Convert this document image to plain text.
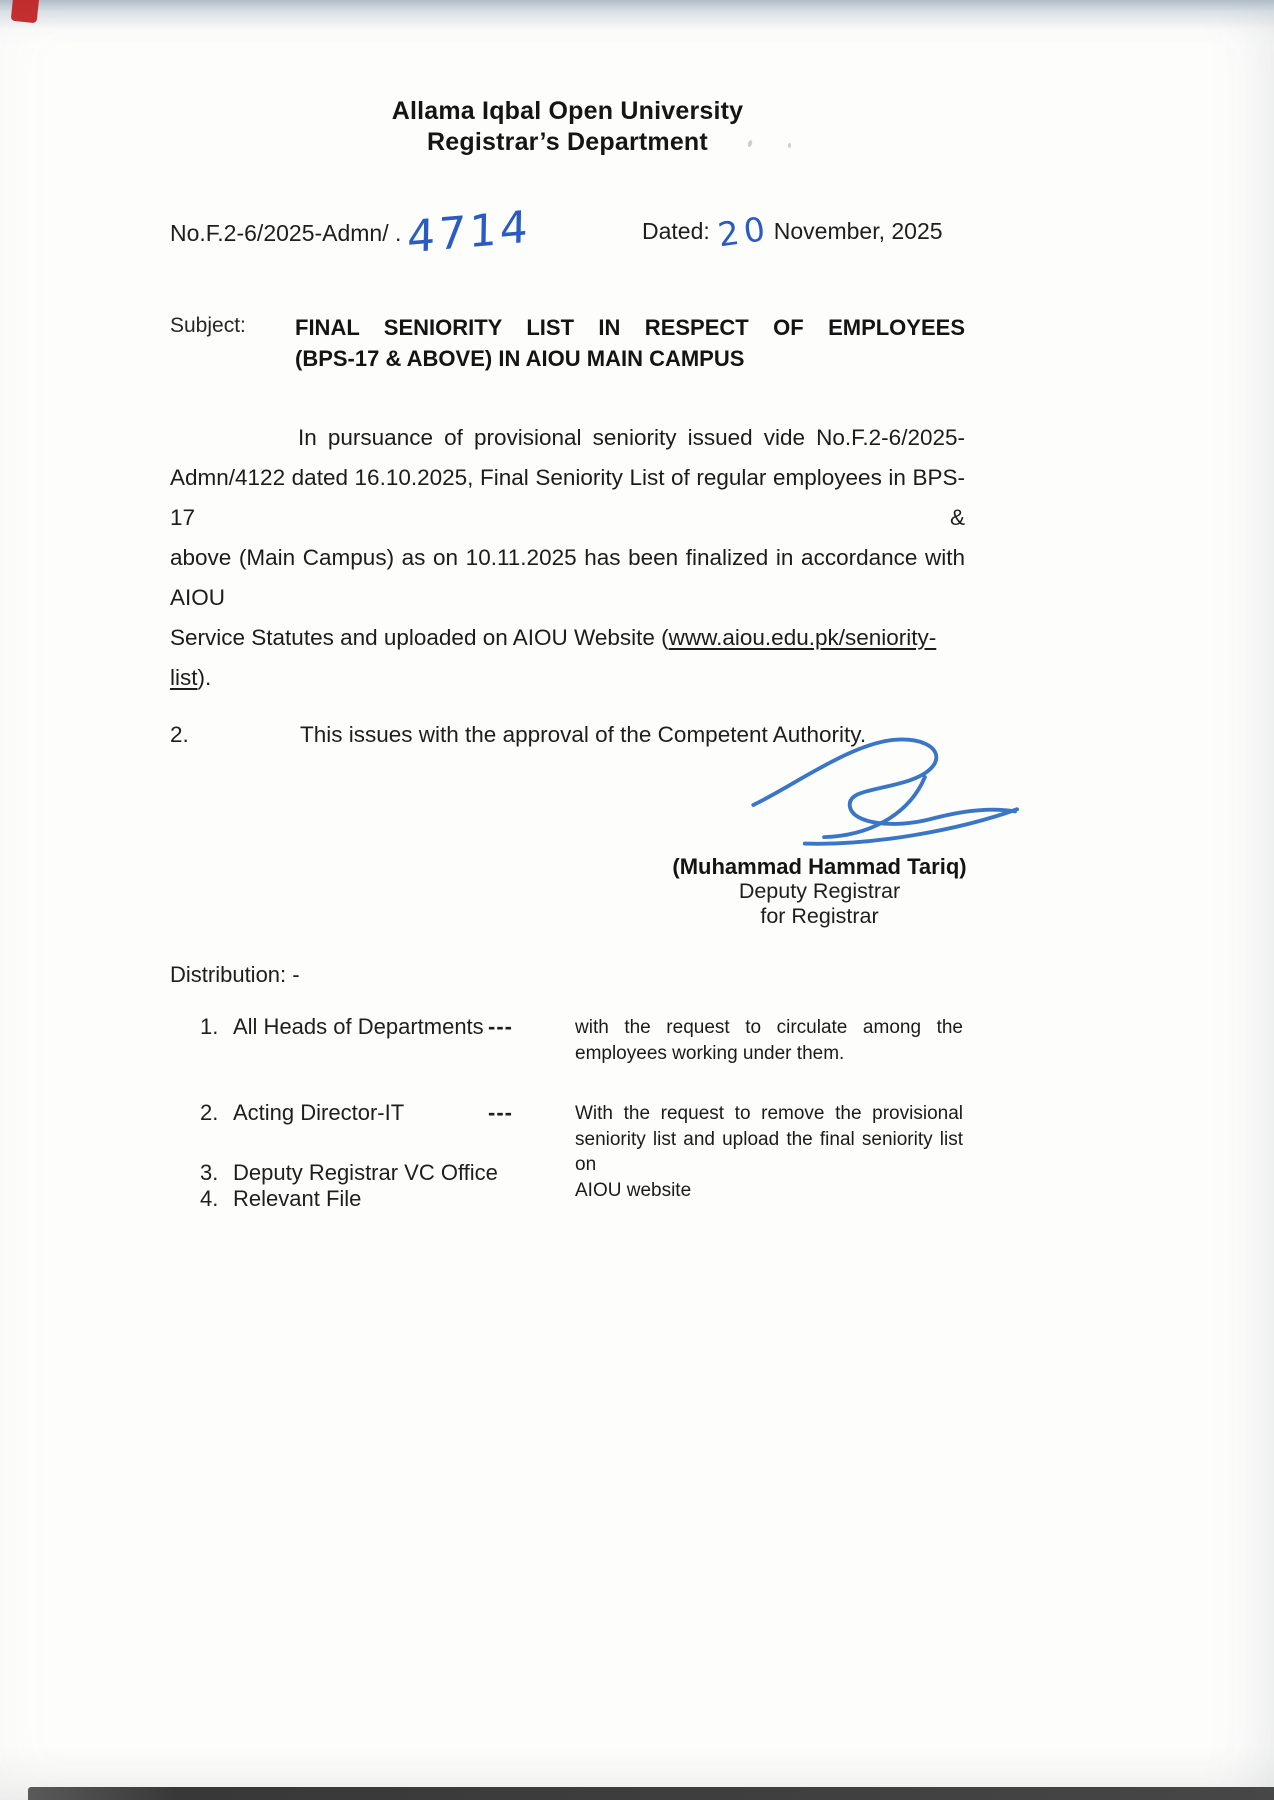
Allama Iqbal Open University
Registrar’s Department
No.F.2-6/2025-Admn/ . 4714	Dated: 20November, 2025
Subject: FINAL SENIORITY LIST IN RESPECT OF EMPLOYEES
(BPS-17 & ABOVE) IN AIOU MAIN CAMPUS
In pursuance of provisional seniority issued vide No.F.2-6/2025-
Admn/4122 dated 16.10.2025, Final Seniority List of regular employees in BPS-17 &
above (Main Campus) as on 10.11.2025 has been finalized in accordance with AIOU
Service Statutes and uploaded on AIOU Website (www.aiou.edu.pk/seniority-list).
2.	This issues with the approval of the Competent Authority.
(Muhammad Hammad Tariq)
Deputy Registrar
for Registrar
Distribution: -
1. All Heads of Departments ---	with the request to circulate among the
employees working under them.
2. Acting Director-IT	---	With the request to remove the provisional
seniority list and upload the final seniority list on
AIOU website
3. Deputy Registrar VC Office
4. Relevant File
